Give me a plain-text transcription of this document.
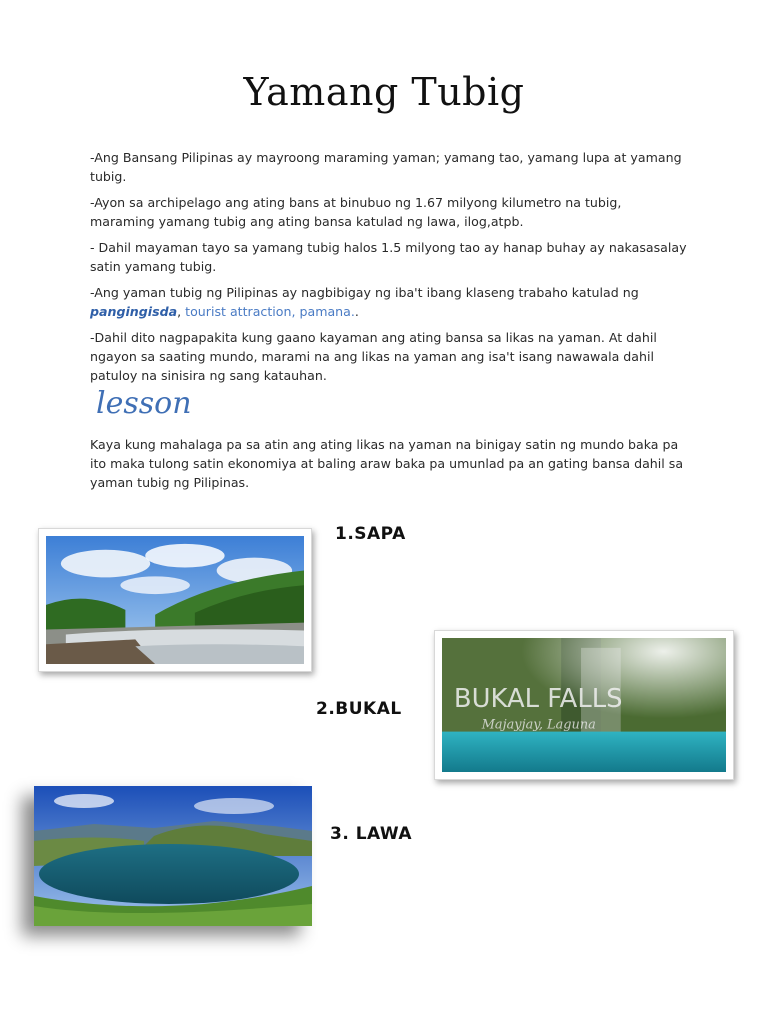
Yamang Tubig
-Ang Bansang Pilipinas ay mayroong maraming yaman; yamang tao, yamang lupa at yamang tubig.
-Ayon sa archipelago ang ating bans at binubuo ng 1.67 milyong kilumetro na tubig, maraming yamang tubig ang ating bansa katulad ng lawa, ilog,atpb.
- Dahil mayaman tayo sa yamang tubig halos 1.5 milyong tao ay hanap buhay ay nakasasalay satin yamang tubig.
-Ang yaman tubig ng Pilipinas ay nagbibigay ng iba't ibang klaseng trabaho katulad ng pangingisda, tourist attraction, pamana..
-Dahil dito nagpapakita kung gaano kayaman ang ating bansa sa likas na yaman. At dahil ngayon sa saating mundo, marami na ang likas na yaman ang isa't isang nawawala dahil patuloy na sinisira ng sang katauhan.
lesson
Kaya kung mahalaga pa sa atin ang ating likas na yaman na binigay satin ng mundo baka pa ito maka tulong satin ekonomiya at baling araw baka pa umunlad pa an gating bansa dahil sa yaman tubig ng Pilipinas.
1.SAPA
2.BUKAL
3. LAWA
BUKAL FALLS
Majayjay, Laguna
